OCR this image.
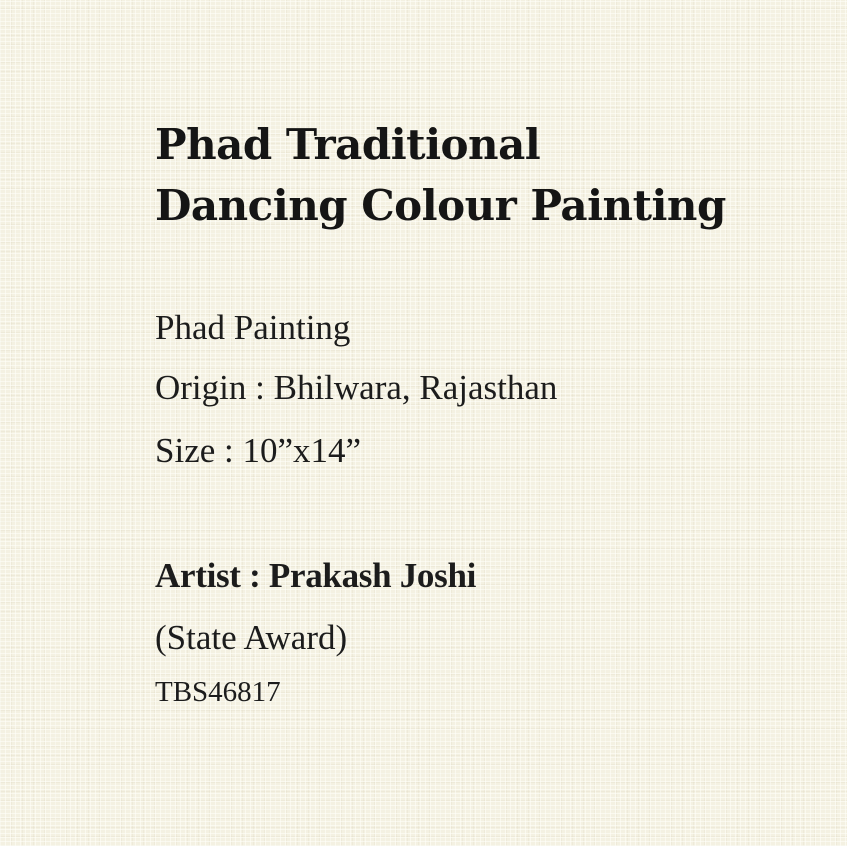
Phad Traditional
Dancing Colour Painting
Phad Painting
Origin : Bhilwara, Rajasthan
Size : 10”x14”
Artist : Prakash Joshi
(State Award)
TBS46817
